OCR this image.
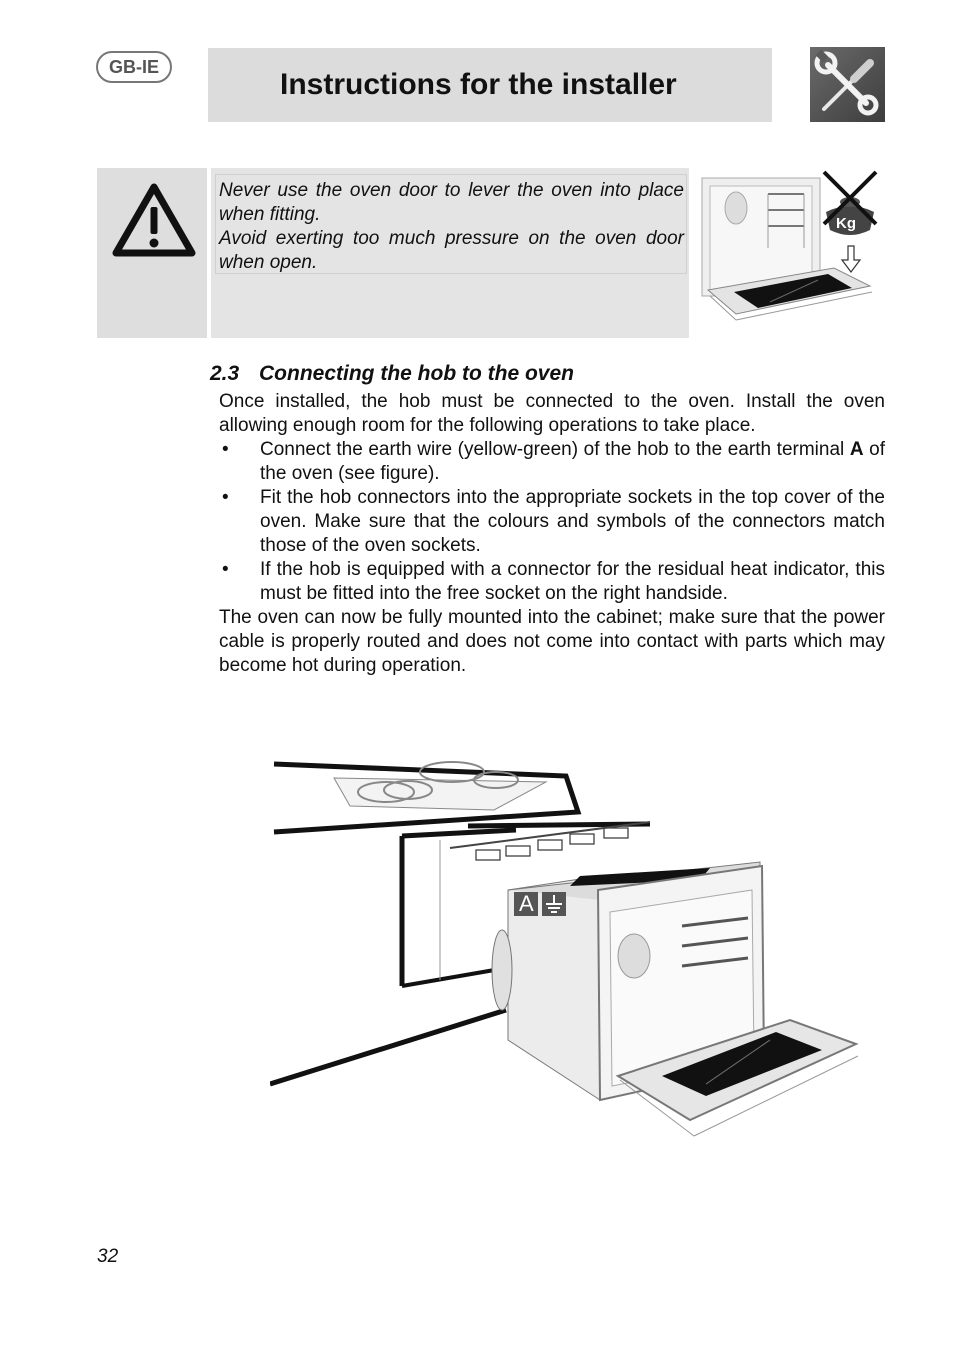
GB-IE
Instructions for the installer

Never use the oven door to lever the oven into place when fitting.

Avoid exerting too much pressure on the oven door when open.

Kg
2.3 Connecting the hob to the oven

Once installed, the hob must be connected to the oven. Install the oven allowing enough room for the following operations to take place.

• Connect the earth wire (yellow-green) of the hob to the earth terminal A of the oven (see figure).
• Fit the hob connectors into the appropriate sockets in the top cover of the oven. Make sure that the colours and symbols of the connectors match those of the oven sockets.
• If the hob is equipped with a connector for the residual heat indicator, this must be fitted into the free socket on the right handside.

The oven can now be fully mounted into the cabinet; make sure that the power cable is properly routed and does not come into contact with parts which may become hot during operation.

A
32
